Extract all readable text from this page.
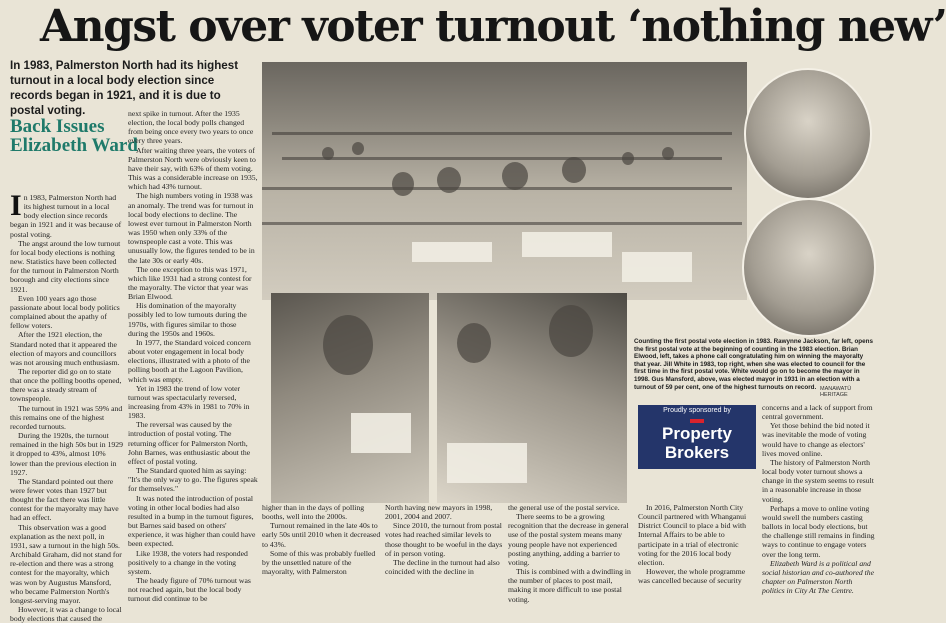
Angst over voter turnout ‘nothing new’
In 1983, Palmerston North had its highest turnout in a local body election since records began in 1921, and it is due to postal voting.
Back Issues
Elizabeth Ward
I n 1983, Palmerston North had its highest turnout in a local body election since records began in 1921 and it was because of postal voting.

The angst around the low turnout for local body elections is nothing new. Statistics have been collected for the turnout in Palmerston North borough and city elections since 1921.

Even 100 years ago those passionate about local body politics complained about the apathy of fellow voters.

After the 1921 election, the Standard noted that it appeared the election of mayors and councillors was not arousing much enthusiasm.

The reporter did go on to state that once the polling booths opened, there was a steady stream of townspeople.

The turnout in 1921 was 59% and this remains one of the highest recorded turnouts.

During the 1920s, the turnout remained in the high 50s but in 1929 it dropped to 43%, almost 10% lower than the previous election in 1927.

The Standard pointed out there were fewer votes than 1927 but thought the fact there was little contest for the mayoralty may have had an effect.

This observation was a good explanation as the next poll, in 1931, saw a turnout in the high 50s. Archibald Graham, did not stand for re-election and there was a strong contest for the mayoralty, which was won by Augustus Mansford, who became Palmerston North's longest-serving mayor.

However, it was a change to local body elections that caused the

next spike in turnout. After the 1935 election, the local body polls changed from being once every two years to once every three years.

After waiting three years, the voters of Palmerston North were obviously keen to have their say, with 63% of them voting. This was a considerable increase on 1935, which had 43% turnout.

The high numbers voting in 1938 was an anomaly. The trend was for turnout in local body elections to decline. The lowest ever turnout in Palmerston North was 1950 when only 33% of the townspeople cast a vote. This was unusually low, the figures tended to be in the late 30s or early 40s.

The one exception to this was 1971, which like 1931 had a strong contest for the mayoralty. The victor that year was Brian Elwood.

His domination of the mayoralty possibly led to low turnouts during the 1970s, with figures similar to those during the 1950s and 1960s.

In 1977, the Standard voiced concern about voter engagement in local body elections, illustrated with a photo of the polling booth at the Lagoon Pavilion, which was empty.

Yet in 1983 the trend of low voter turnout was spectacularly reversed, increasing from 43% in 1981 to 70% in 1983.

The reversal was caused by the introduction of postal voting. The returning officer for Palmerston North, John Barnes, was enthusiastic about the effect of postal voting.

The Standard quoted him as saying: "It's the only way to go. The figures speak for themselves."

It was noted the introduction of postal voting in other local bodies had also resulted in a bump in the turnout figures, but Barnes said based on others' experience, it was higher than could have been expected.

Like 1938, the voters had responded positively to a change in the voting system.

The heady figure of 70% turnout was not reached again, but the local body turnout did continue to be

Counting the first postal vote election in 1983. Rawynne Jackson, far left, opens the first postal vote at the beginning of counting in the 1983 election. Brian Elwood, left, takes a phone call congratulating him on winning the mayoralty that year. Jill White in 1983, top right, when she was elected to council for the first time in the first postal vote. White would go on to become the mayor in 1998. Gus Mansford, above, was elected mayor in 1931 in an election with a turnout of 59 per cent, one of the highest turnouts on record. MANAWATŪ HERITAGE
Proudly sponsored by
Property Brokers

higher than in the days of polling booths, well into the 2000s.

Turnout remained in the late 40s to early 50s until 2010 when it decreased to 43%.

Some of this was probably fuelled by the unsettled nature of the mayoralty, with Palmerston

North having new mayors in 1998, 2001, 2004 and 2007.

Since 2010, the turnout from postal votes had reached similar levels to those thought to be woeful in the days of in person voting.

The decline in the turnout had also coincided with the decline in

the general use of the postal service.

There seems to be a growing recognition that the decrease in general use of the postal system means many young people have not experienced posting anything, adding a barrier to voting.

This is combined with a dwindling in the number of places to post mail, making it more difficult to use postal voting.

In 2016, Palmerston North City Council partnered with Whanganui District Council to place a bid with Internal Affairs to be able to participate in a trial of electronic voting for the 2016 local body election.

However, the whole programme was cancelled because of security

concerns and a lack of support from central government.

Yet those behind the bid noted it was inevitable the mode of voting would have to change as electors' lives moved online.

The history of Palmerston North local body voter turnout shows a change in the system seems to result in a reasonable increase in those voting.

Perhaps a move to online voting would swell the numbers casting ballots in local body elections, but the challenge still remains in finding ways to continue to engage voters over the long term.

Elizabeth Ward is a political and social historian and co-authored the chapter on Palmerston North politics in City At The Centre.
